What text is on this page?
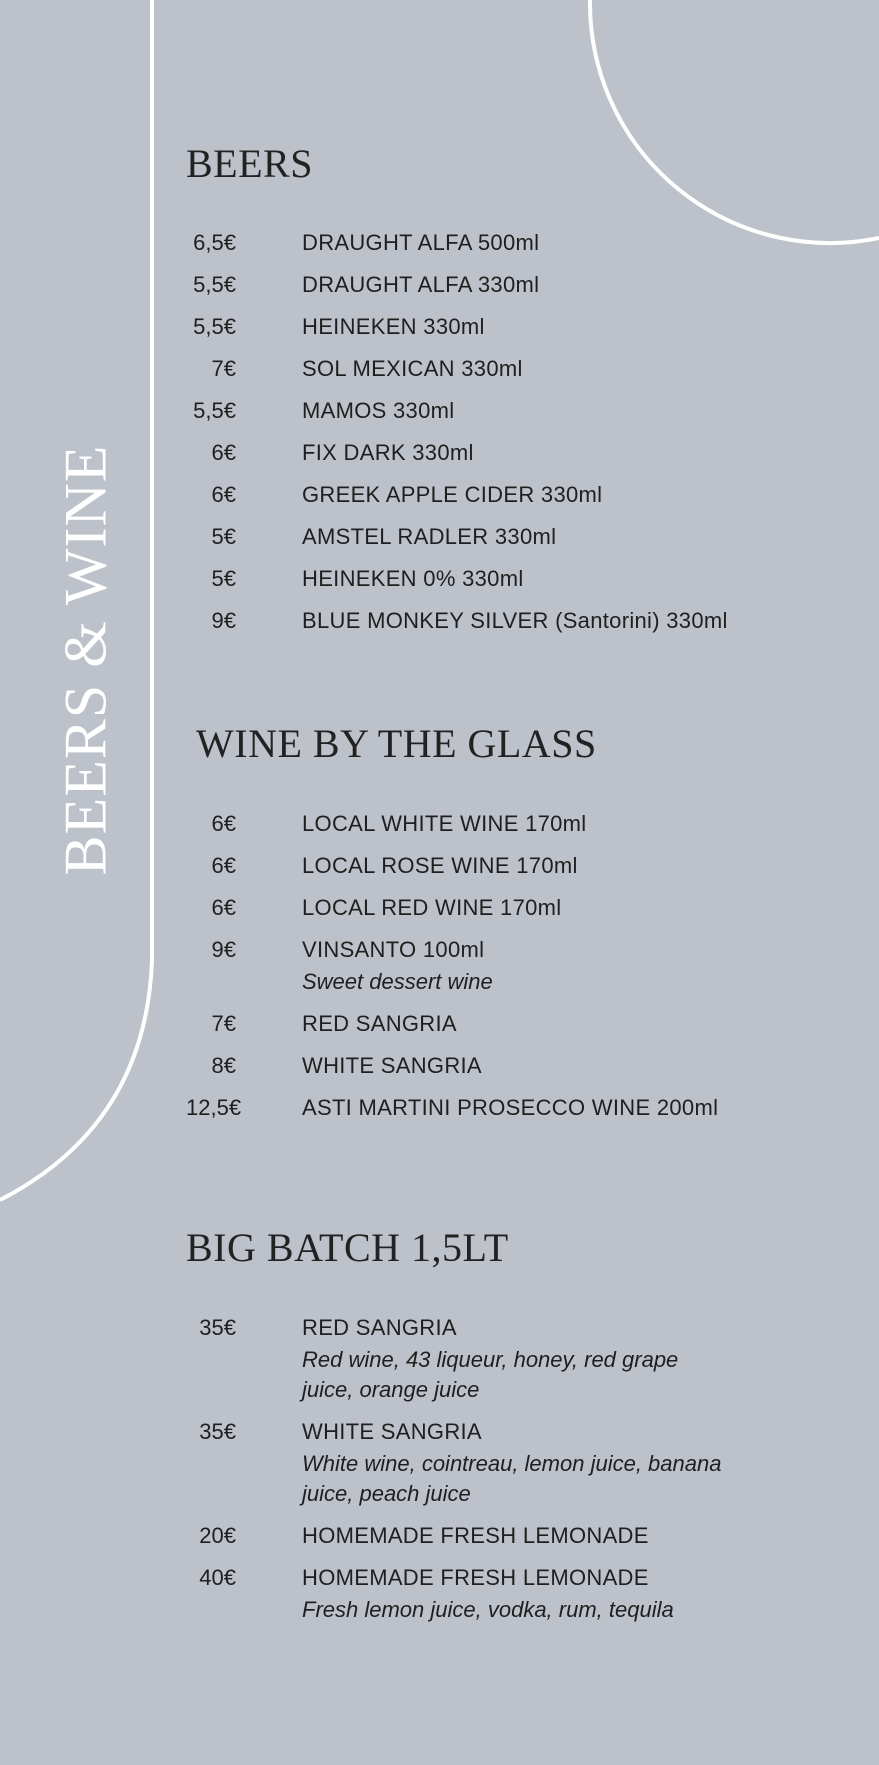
BEERS & WINE
BEERS
6,5€	DRAUGHT ALFA 500ml
5,5€	DRAUGHT ALFA 330ml
5,5€	HEINEKEN 330ml
7€	SOL MEXICAN 330ml
5,5€	MAMOS 330ml
6€	FIX DARK 330ml
6€	GREEK APPLE CIDER 330ml
5€	AMSTEL RADLER 330ml
5€	HEINEKEN 0% 330ml
9€	BLUE MONKEY SILVER (Santorini) 330ml
WINE BY THE GLASS
6€	LOCAL WHITE WINE 170ml
6€	LOCAL ROSE WINE 170ml
6€	LOCAL RED WINE 170ml
9€	VINSANTO 100ml
Sweet dessert wine
7€	RED SANGRIA
8€	WHITE SANGRIA
12,5€	ASTI MARTINI PROSECCO WINE 200ml
BIG BATCH 1,5LT
35€	RED SANGRIA
Red wine, 43 liqueur, honey, red grape juice, orange juice
35€	WHITE SANGRIA
White wine, cointreau, lemon juice, banana juice, peach juice
20€	HOMEMADE FRESH LEMONADE
40€	HOMEMADE FRESH LEMONADE
Fresh lemon juice, vodka, rum, tequila
